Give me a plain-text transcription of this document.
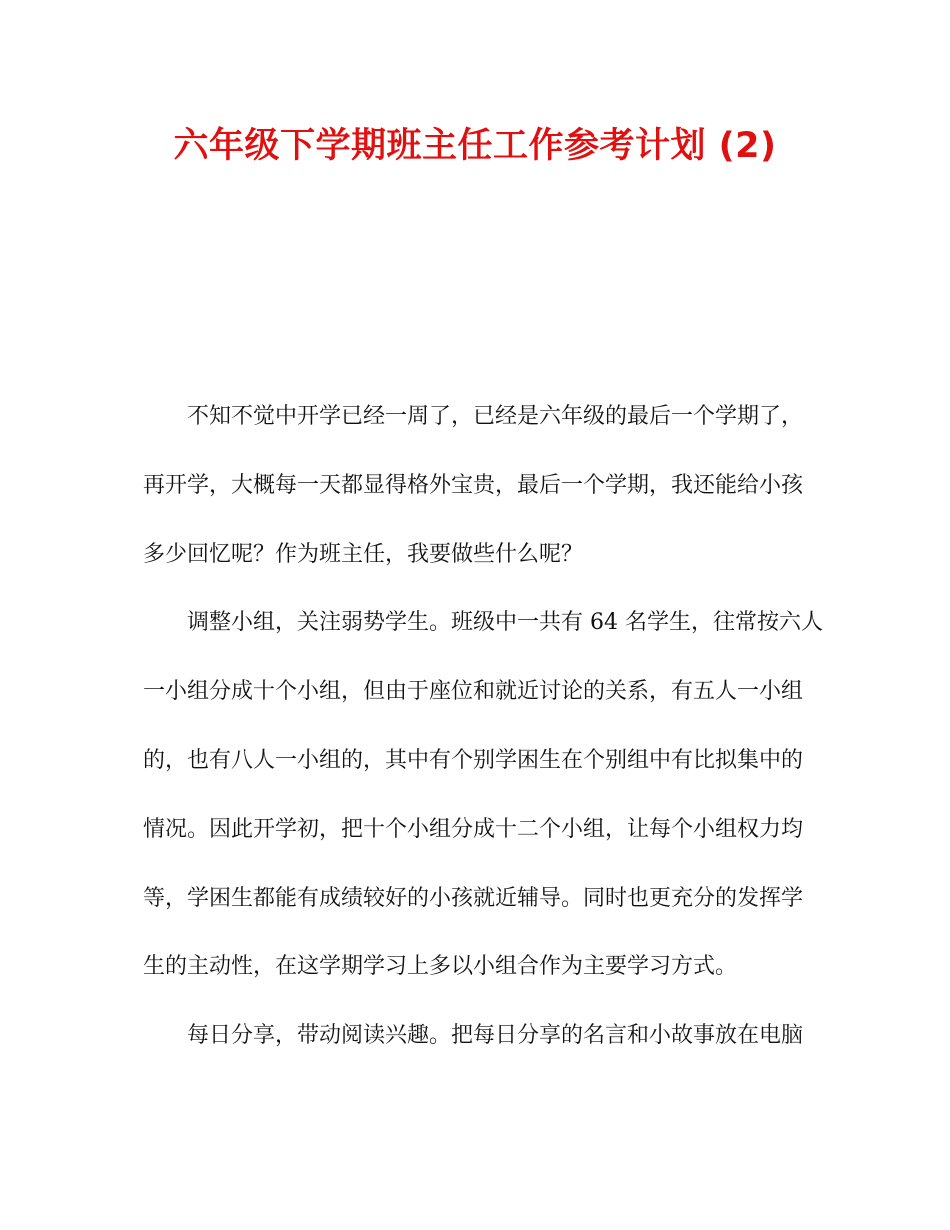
六年级下学期班主任工作参考计划 (2)
不知不觉中开学已经一周了，已经是六年级的最后一个学期了，
再开学，大概每一天都显得格外宝贵，最后一个学期，我还能给小孩
多少回忆呢？作为班主任，我要做些什么呢？
调整小组，关注弱势学生。班级中一共有 64 名学生，往常按六人
一小组分成十个小组，但由于座位和就近讨论的关系，有五人一小组
的，也有八人一小组的，其中有个别学困生在个别组中有比拟集中的
情况。因此开学初，把十个小组分成十二个小组，让每个小组权力均
等，学困生都能有成绩较好的小孩就近辅导。同时也更充分的发挥学
生的主动性，在这学期学习上多以小组合作为主要学习方式。
每日分享，带动阅读兴趣。把每日分享的名言和小故事放在电脑
